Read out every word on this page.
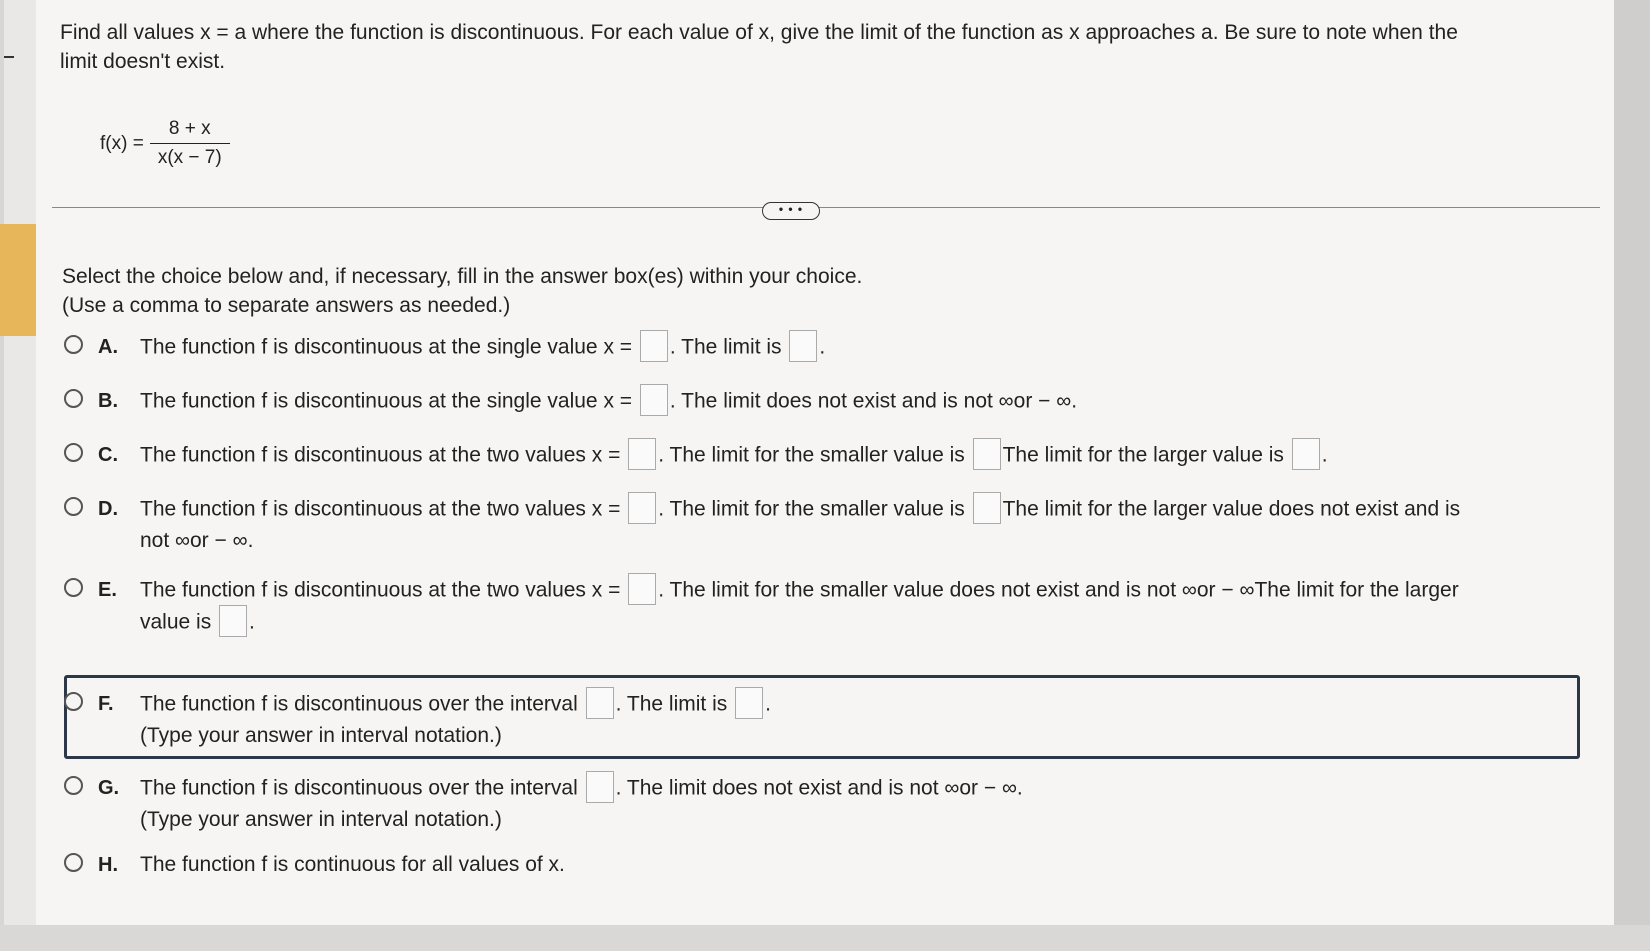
Find all values x = a where the function is discontinuous. For each value of x, give the limit of the function as x approaches a. Be sure to note when the
limit doesn't exist.
$f(x) = \frac{8 + x}{x(x - 7)}$
• • •
Select the choice below and, if necessary, fill in the answer box(es) within your choice.
(Use a comma to separate answers as needed.)
A. The function f is discontinuous at the single value x = . The limit is .
B. The function f is discontinuous at the single value x = . The limit does not exist and is not ∞or − ∞.
C. The function f is discontinuous at the two values x = . The limit for the smaller value is The limit for the larger value is .
D. The function f is discontinuous at the two values x = . The limit for the smaller value is The limit for the larger value does not exist and is
not ∞or − ∞.
E. The function f is discontinuous at the two values x = . The limit for the smaller value does not exist and is not ∞or − ∞The limit for the larger
value is .
F. The function f is discontinuous over the interval . The limit is .
(Type your answer in interval notation.)
G. The function f is discontinuous over the interval . The limit does not exist and is not ∞or − ∞.
(Type your answer in interval notation.)
H. The function f is continuous for all values of x.
